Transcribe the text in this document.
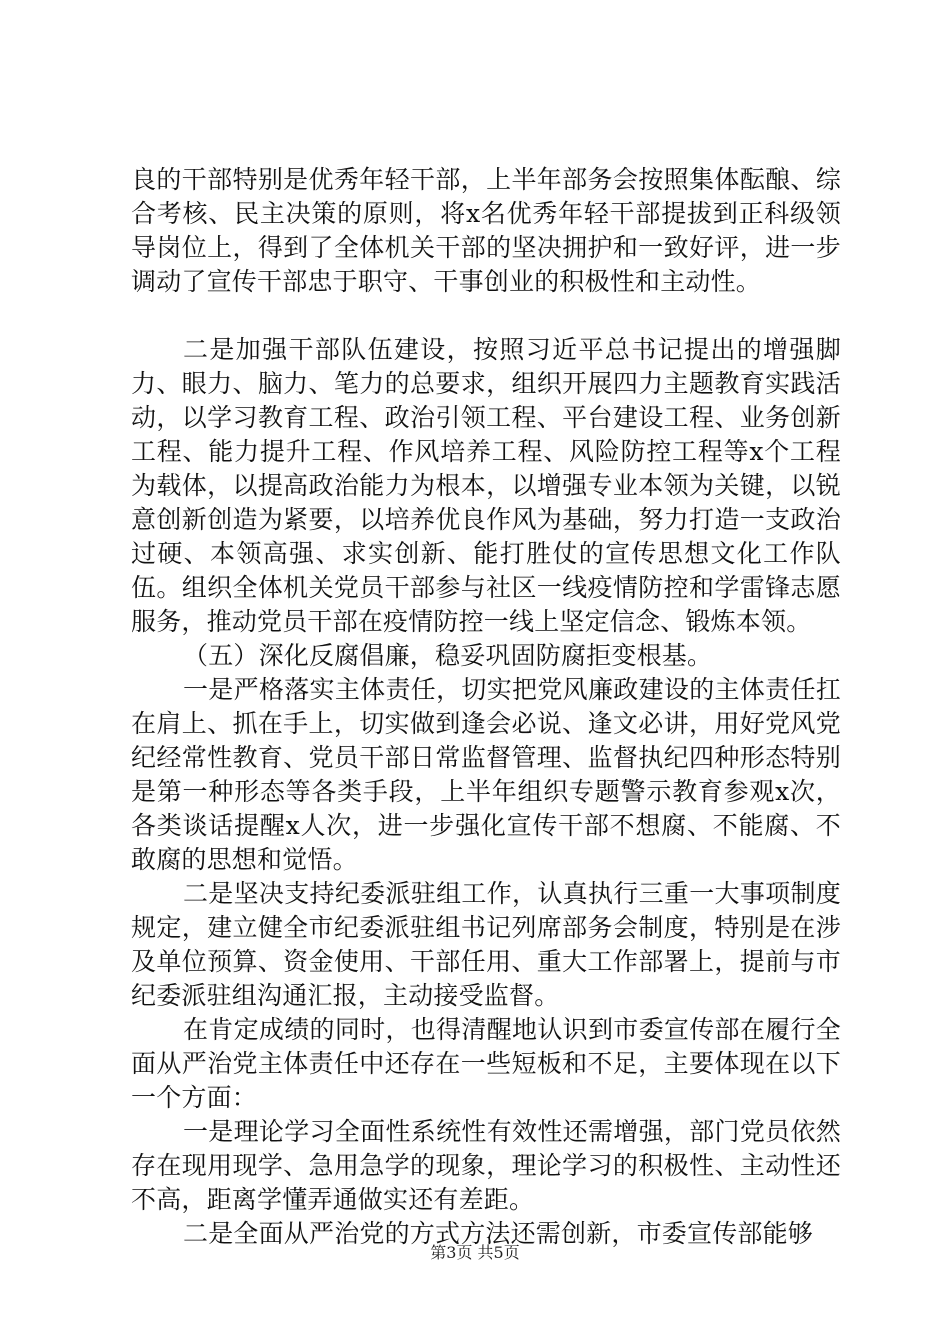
良的干部特别是优秀年轻干部，上半年部务会按照集体酝酿、综合考核、民主决策的原则，将x名优秀年轻干部提拔到正科级领导岗位上，得到了全体机关干部的坚决拥护和一致好评，进一步调动了宣传干部忠于职守、干事创业的积极性和主动性。

二是加强干部队伍建设，按照习近平总书记提出的增强脚力、眼力、脑力、笔力的总要求，组织开展四力主题教育实践活动，以学习教育工程、政治引领工程、平台建设工程、业务创新工程、能力提升工程、作风培养工程、风险防控工程等x个工程为载体，以提高政治能力为根本，以增强专业本领为关键，以锐意创新创造为紧要，以培养优良作风为基础，努力打造一支政治过硬、本领高强、求实创新、能打胜仗的宣传思想文化工作队伍。组织全体机关党员干部参与社区一线疫情防控和学雷锋志愿服务，推动党员干部在疫情防控一线上坚定信念、锻炼本领。

（五）深化反腐倡廉，稳妥巩固防腐拒变根基。

一是严格落实主体责任，切实把党风廉政建设的主体责任扛在肩上、抓在手上，切实做到逢会必说、逢文必讲，用好党风党纪经常性教育、党员干部日常监督管理、监督执纪四种形态特别是第一种形态等各类手段，上半年组织专题警示教育参观x次，各类谈话提醒x人次，进一步强化宣传干部不想腐、不能腐、不敢腐的思想和觉悟。

二是坚决支持纪委派驻组工作，认真执行三重一大事项制度规定，建立健全市纪委派驻组书记列席部务会制度，特别是在涉及单位预算、资金使用、干部任用、重大工作部署上，提前与市纪委派驻组沟通汇报，主动接受监督。

在肯定成绩的同时，也得清醒地认识到市委宣传部在履行全面从严治党主体责任中还存在一些短板和不足，主要体现在以下一个方面：

一是理论学习全面性系统性有效性还需增强，部门党员依然存在现用现学、急用急学的现象，理论学习的积极性、主动性还不高，距离学懂弄通做实还有差距。

二是全面从严治党的方式方法还需创新，市委宣传部能够

第3页 共5页
